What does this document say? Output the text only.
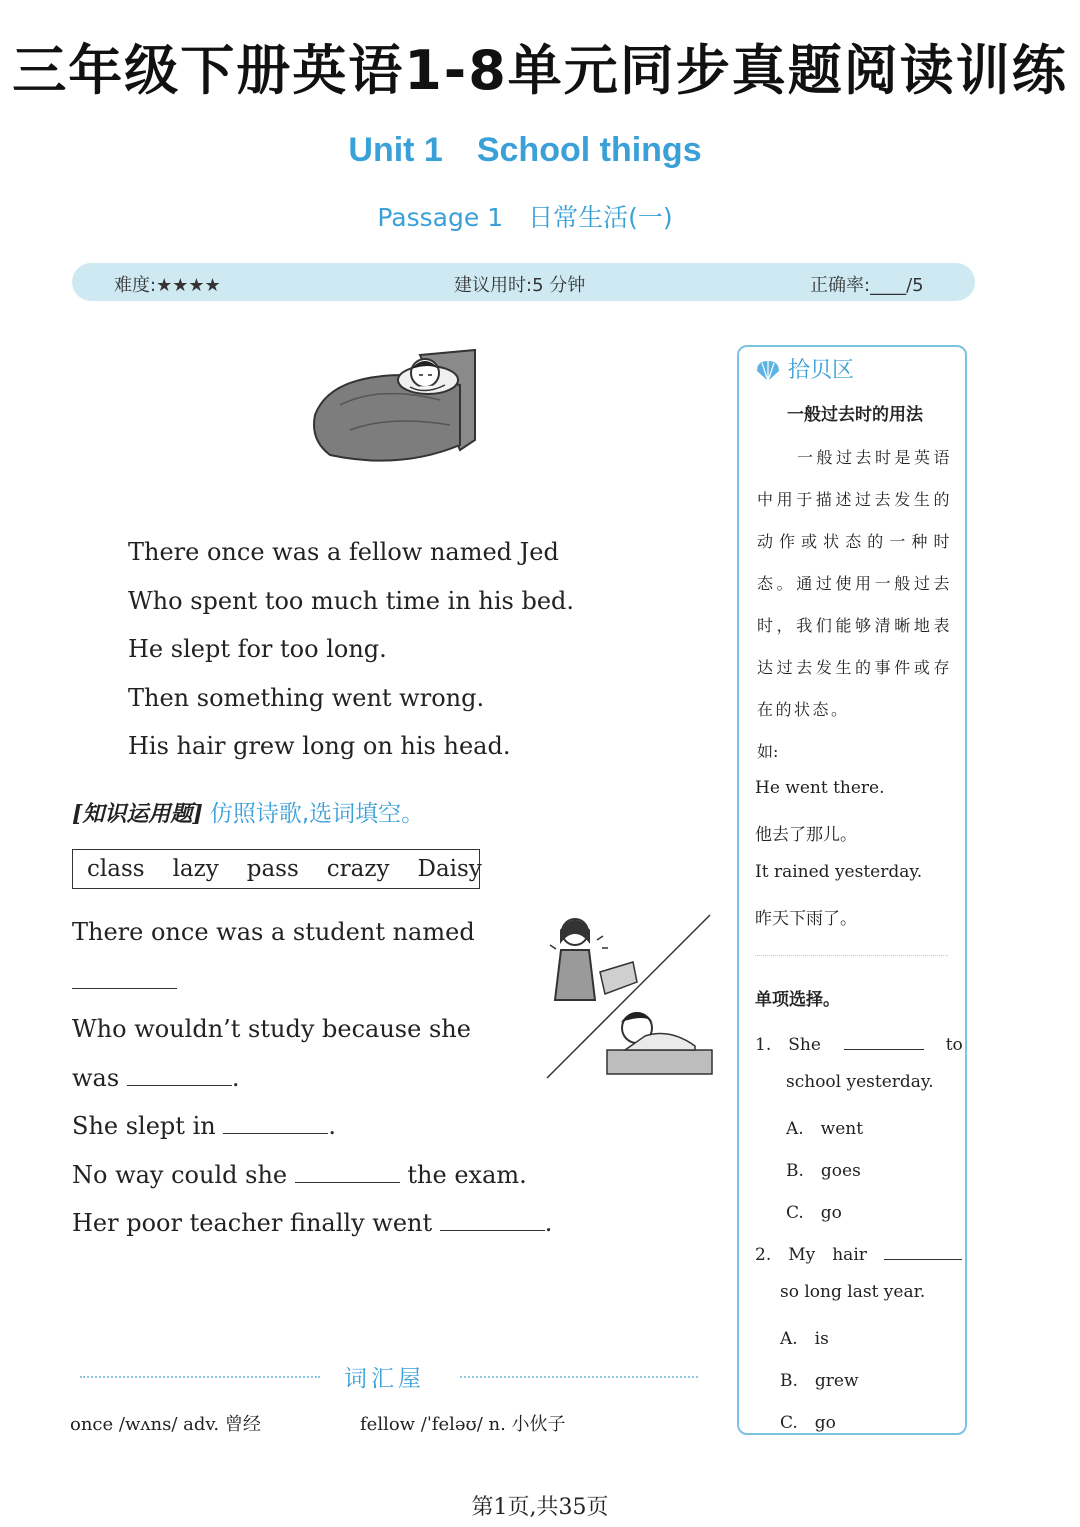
三年级下册英语1-8单元同步真题阅读训练
Unit 1　School things
Passage 1　日常生活(一)
难度:★★★★	建议用时:5 分钟	正确率:____/5
There once was a fellow named Jed
Who spent too much time in his bed.
He slept for too long.
Then something went wrong.
His hair grew long on his head.
[知识运用题] 仿照诗歌,选词填空。
class lazy pass crazy Daisy
There once was a student named
Who wouldn’t study because she
was	.
She slept in	.
No way could she	the exam.
Her poor teacher finally went	.
词汇屋
once /wʌns/ adv. 曾经	fellow /ˈfeləʊ/ n. 小伙子
拾贝区
一般过去时的用法

一般过去时是英语中用于描述过去发生的动作或状态的一种时态。通过使用一般过去时，我们能够清晰地表达过去发生的事件或存在的状态。

如:
He went there.
他去了那儿。
It rained yesterday.
昨天下雨了。
单项选择。
1.　She	to
school yesterday.
A.　went
B.　goes
C.　go
2.　My　hair
so long last year.
A.　is
B.　grew
C.　go
第1页,共35页
